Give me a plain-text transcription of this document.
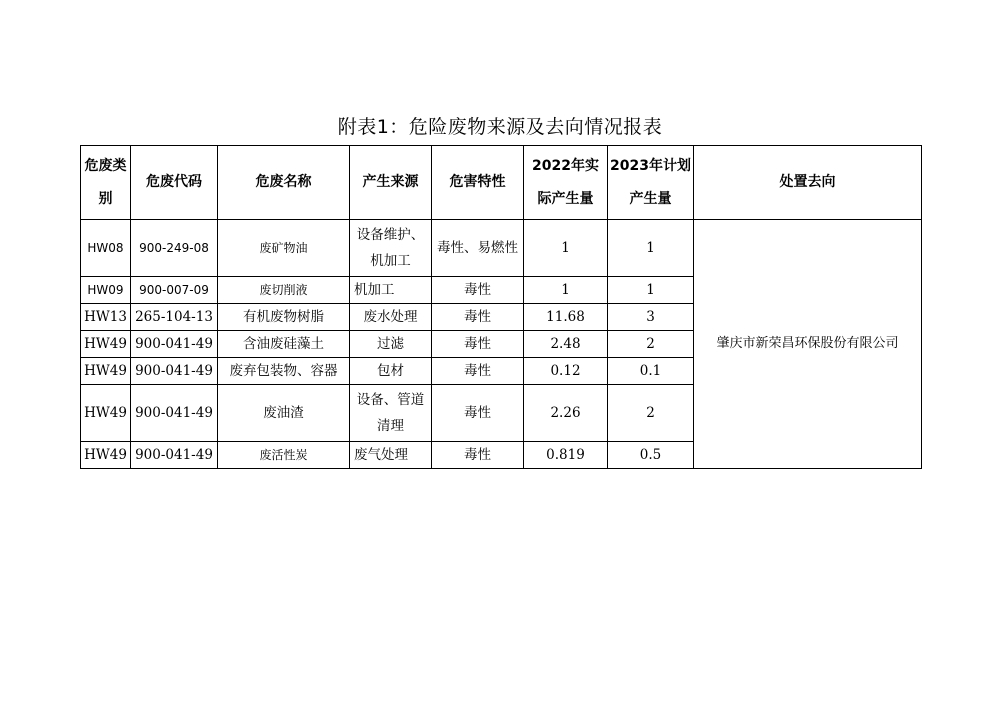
附表1：危险废物来源及去向情况报表
危废类别	危废代码	危废名称	产生来源	危害特性	2022年实际产生量	2023年计划产生量	处置去向
HW08	900-249-08	废矿物油	设备维护、机加工	毒性、易燃性	1	1	肇庆市新荣昌环保股份有限公司
HW09	900-007-09	废切削液	机加工	毒性	1	1	
HW13	265-104-13	有机废物树脂	废水处理	毒性	11.68	3	
HW49	900-041-49	含油废硅藻土	过滤	毒性	2.48	2	
HW49	900-041-49	废弃包装物、容器	包材	毒性	0.12	0.1	
HW49	900-041-49	废油渣	设备、管道清理	毒性	2.26	2	
HW49	900-041-49	废活性炭	废气处理	毒性	0.819	0.5	
